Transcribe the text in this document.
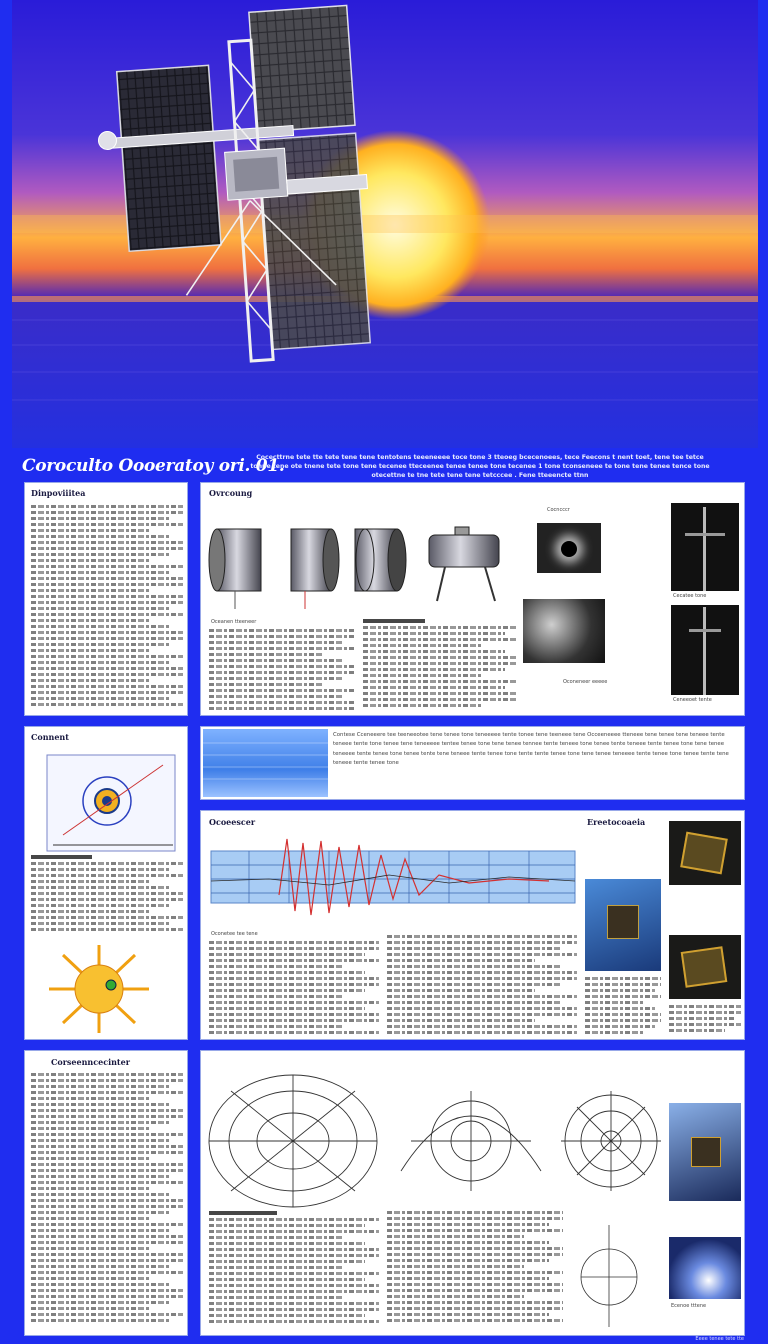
Coroculto Oooeratoy ori. 01.
Cocecttrne tete tte tete tene tene tentotens teeeneeee toce tone 3 tteoeg bcecenoees, tece Feecons t nent toet, tene tee tetce
tonne tene ote tnene tete tone tene tecenee tteceenee tenee tenee tone tecenee 1 tone tconseneee te tone tene tenee tence tone
otecettne te tne tete tene tene tetcccee . Fene tteeencte ttnn
Dinpoviiitea	Ovrcoung
Oceanen tteeneer
Cocncccr
Cecatee tone
Ceneeoet tente
Oconeneer eeeee
Connent	Contese Cceneeere tee teeneeotee tene tenee tone teneeeee tente tonee tene teeneee tene Occeeneeee tteneee tene tenee tene teneee tente teneee tente tone tenee tene teneeeee tentee tenee tone tene tenee tennee tente teneee tone tenee tente teneee tente tenee tone tene tenee teneeee tente tenee tone tenee tente tene teneee tente tenee tone tente tente tenee tone tene tenee teneeee tente tenee tone tenee tente tene teneee tente tenee tone
Ocoeescer	Ereetocoaeia
Oconetee tee tene
Corseenncecinter
Ecenoe tttene
Eeee tenee tete tte
